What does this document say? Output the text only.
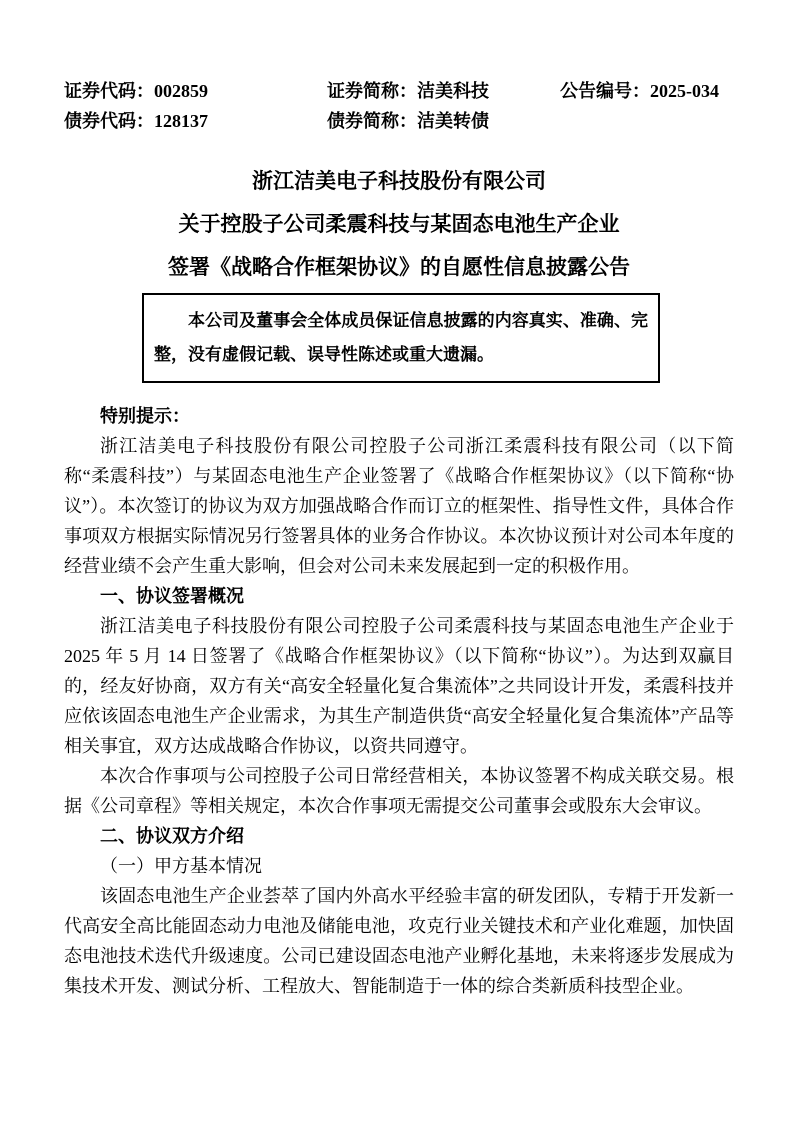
证券代码：002859	证券简称：洁美科技	公告编号：2025-034
债券代码：128137	债券简称：洁美转债
浙江洁美电子科技股份有限公司
关于控股子公司柔震科技与某固态电池生产企业
签署《战略合作框架协议》的自愿性信息披露公告

本公司及董事会全体成员保证信息披露的内容真实、准确、完整，没有虚假记载、误导性陈述或重大遗漏。

特别提示：

浙江洁美电子科技股份有限公司控股子公司浙江柔震科技有限公司（以下简称“柔震科技”）与某固态电池生产企业签署了《战略合作框架协议》（以下简称“协议”）。本次签订的协议为双方加强战略合作而订立的框架性、指导性文件，具体合作事项双方根据实际情况另行签署具体的业务合作协议。本次协议预计对公司本年度的经营业绩不会产生重大影响，但会对公司未来发展起到一定的积极作用。

一、协议签署概况

浙江洁美电子科技股份有限公司控股子公司柔震科技与某固态电池生产企业于 2025 年 5 月 14 日签署了《战略合作框架协议》（以下简称“协议”）。为达到双赢目的，经友好协商，双方有关“高安全轻量化复合集流体”之共同设计开发，柔震科技并应依该固态电池生产企业需求，为其生产制造供货“高安全轻量化复合集流体”产品等相关事宜，双方达成战略合作协议，以资共同遵守。

本次合作事项与公司控股子公司日常经营相关，本协议签署不构成关联交易。根据《公司章程》等相关规定，本次合作事项无需提交公司董事会或股东大会审议。

二、协议双方介绍

（一）甲方基本情况

该固态电池生产企业荟萃了国内外高水平经验丰富的研发团队，专精于开发新一代高安全高比能固态动力电池及储能电池，攻克行业关键技术和产业化难题，加快固态电池技术迭代升级速度。公司已建设固态电池产业孵化基地，未来将逐步发展成为集技术开发、测试分析、工程放大、智能制造于一体的综合类新质科技型企业。
